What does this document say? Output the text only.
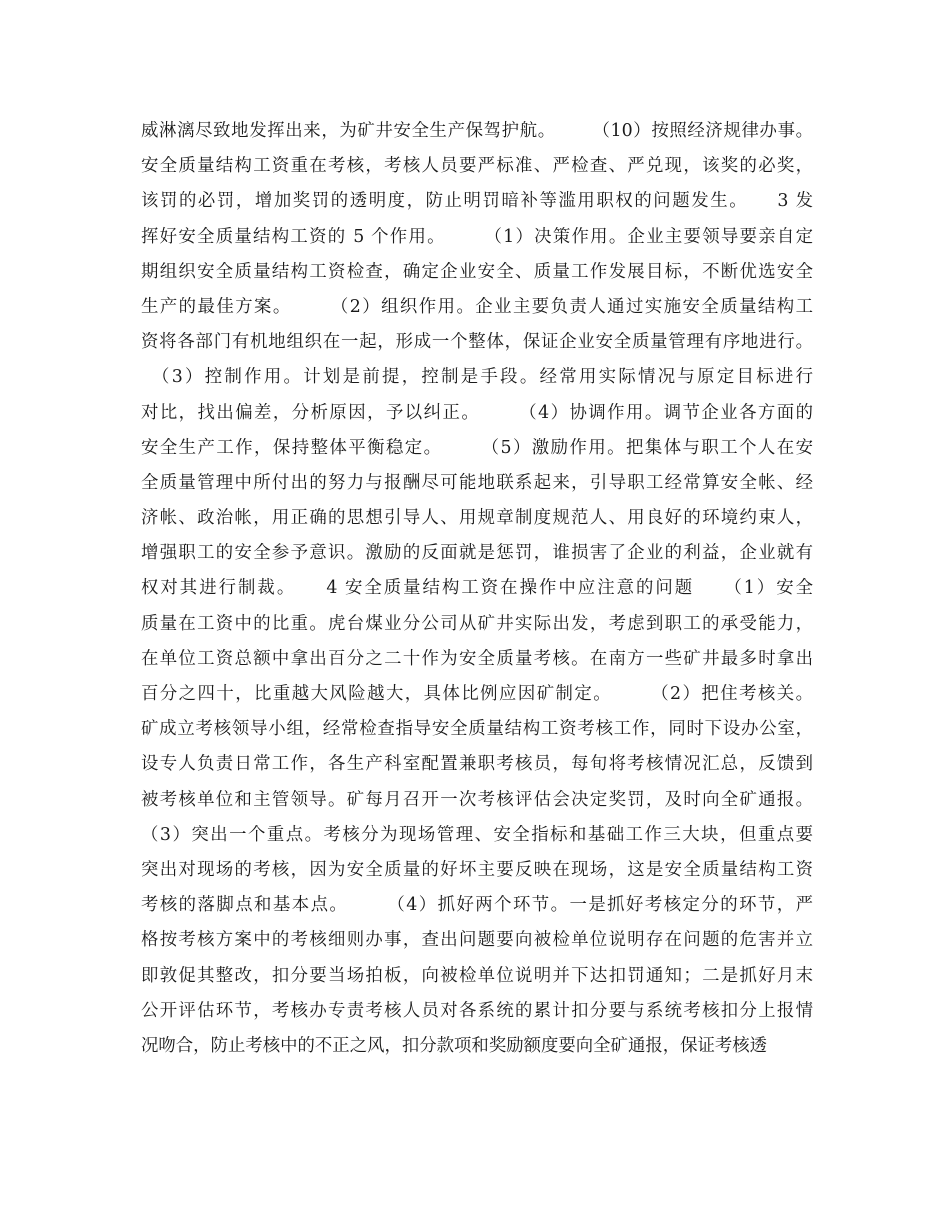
威淋漓尽致地发挥出来，为矿井安全生产保驾护航。　　　（10）按照经济规律办事。
安全质量结构工资重在考核，考核人员要严标准、严检查、严兑现，该奖的必奖，
该罚的必罚，增加奖罚的透明度，防止明罚暗补等滥用职权的问题发生。　　3 发
挥好安全质量结构工资的 5 个作用。　　　（1）决策作用。企业主要领导要亲自定
期组织安全质量结构工资检查，确定企业安全、质量工作发展目标，不断优选安全
生产的最佳方案。　　　（2）组织作用。企业主要负责人通过实施安全质量结构工
资将各部门有机地组织在一起，形成一个整体，保证企业安全质量管理有序地进行。
　（3）控制作用。计划是前提，控制是手段。经常用实际情况与原定目标进行
对比，找出偏差，分析原因，予以纠正。　　　（4）协调作用。调节企业各方面的
安全生产工作，保持整体平衡稳定。　　　（5）激励作用。把集体与职工个人在安
全质量管理中所付出的努力与报酬尽可能地联系起来，引导职工经常算安全帐、经
济帐、政治帐，用正确的思想引导人、用规章制度规范人、用良好的环境约束人，
增强职工的安全参予意识。激励的反面就是惩罚，谁损害了企业的利益，企业就有
权对其进行制裁。　　4 安全质量结构工资在操作中应注意的问题　　（1）安全
质量在工资中的比重。虎台煤业分公司从矿井实际出发，考虑到职工的承受能力，
在单位工资总额中拿出百分之二十作为安全质量考核。在南方一些矿井最多时拿出
百分之四十，比重越大风险越大，具体比例应因矿制定。　　　（2）把住考核关。
矿成立考核领导小组，经常检查指导安全质量结构工资考核工作，同时下设办公室，
设专人负责日常工作，各生产科室配置兼职考核员，每旬将考核情况汇总，反馈到
被考核单位和主管领导。矿每月召开一次考核评估会决定奖罚，及时向全矿通报。
（3）突出一个重点。考核分为现场管理、安全指标和基础工作三大块，但重点要
突出对现场的考核，因为安全质量的好坏主要反映在现场，这是安全质量结构工资
考核的落脚点和基本点。　　　（4）抓好两个环节。一是抓好考核定分的环节，严
格按考核方案中的考核细则办事，查出问题要向被检单位说明存在问题的危害并立
即敦促其整改，扣分要当场拍板，向被检单位说明并下达扣罚通知；二是抓好月末
公开评估环节，考核办专责考核人员对各系统的累计扣分要与系统考核扣分上报情
况吻合，防止考核中的不正之风，扣分款项和奖励额度要向全矿通报，保证考核透
